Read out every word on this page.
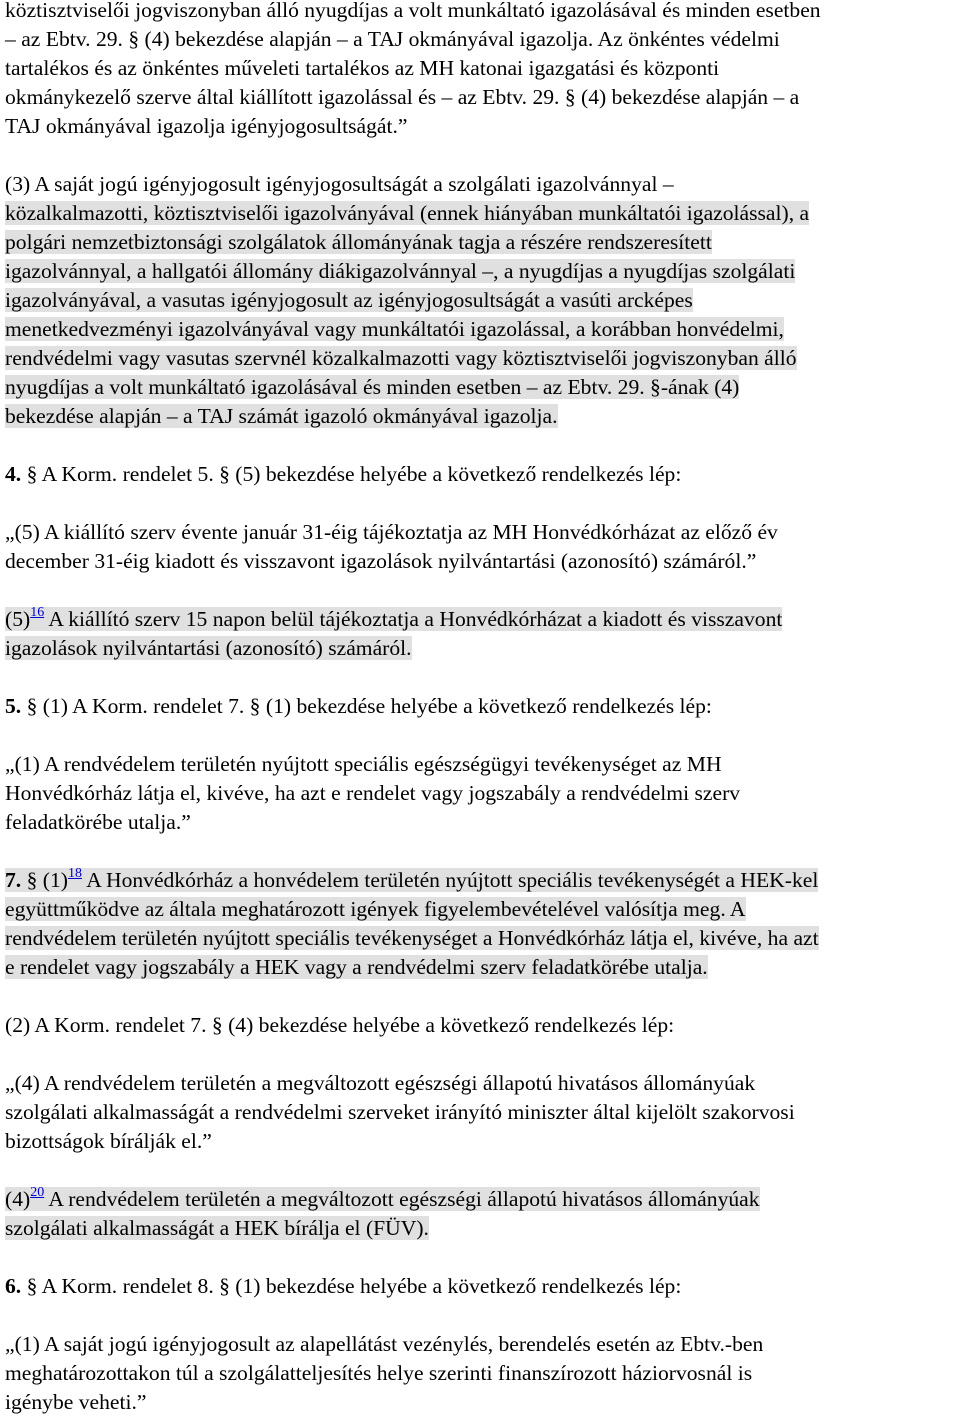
köztisztviselői jogviszonyban álló nyugdíjas a volt munkáltató igazolásával és minden esetben
– az Ebtv. 29. § (4) bekezdése alapján – a TAJ okmányával igazolja. Az önkéntes védelmi
tartalékos és az önkéntes műveleti tartalékos az MH katonai igazgatási és központi
okmánykezelő szerve által kiállított igazolással és – az Ebtv. 29. § (4) bekezdése alapján – a
TAJ okmányával igazolja igényjogosultságát.”
(3) A saját jogú igényjogosult igényjogosultságát a szolgálati igazolvánnyal –
közalkalmazotti, köztisztviselői igazolványával (ennek hiányában munkáltatói igazolással), a
polgári nemzetbiztonsági szolgálatok állományának tagja a részére rendszeresített
igazolvánnyal, a hallgatói állomány diákigazolvánnyal –, a nyugdíjas a nyugdíjas szolgálati
igazolványával, a vasutas igényjogosult az igényjogosultságát a vasúti arcképes
menetkedvezményi igazolványával vagy munkáltatói igazolással, a korábban honvédelmi,
rendvédelmi vagy vasutas szervnél közalkalmazotti vagy köztisztviselői jogviszonyban álló
nyugdíjas a volt munkáltató igazolásával és minden esetben – az Ebtv. 29. §-ának (4)
bekezdése alapján – a TAJ számát igazoló okmányával igazolja.
4. § A Korm. rendelet 5. § (5) bekezdése helyébe a következő rendelkezés lép:
„(5) A kiállító szerv évente január 31-éig tájékoztatja az MH Honvédkórházat az előző év
december 31-éig kiadott és visszavont igazolások nyilvántartási (azonosító) számáról.”
(5)$^{16}$ A kiállító szerv 15 napon belül tájékoztatja a Honvédkórházat a kiadott és visszavont
igazolások nyilvántartási (azonosító) számáról.
5. § (1) A Korm. rendelet 7. § (1) bekezdése helyébe a következő rendelkezés lép:
„(1) A rendvédelem területén nyújtott speciális egészségügyi tevékenységet az MH
Honvédkórház látja el, kivéve, ha azt e rendelet vagy jogszabály a rendvédelmi szerv
feladatkörébe utalja.”
7. § (1)$^{18}$ A Honvédkórház a honvédelem területén nyújtott speciális tevékenységét a HEK-kel
együttműködve az általa meghatározott igények figyelembevételével valósítja meg. A
rendvédelem területén nyújtott speciális tevékenységet a Honvédkórház látja el, kivéve, ha azt
e rendelet vagy jogszabály a HEK vagy a rendvédelmi szerv feladatkörébe utalja.
(2) A Korm. rendelet 7. § (4) bekezdése helyébe a következő rendelkezés lép:
„(4) A rendvédelem területén a megváltozott egészségi állapotú hivatásos állományúak
szolgálati alkalmasságát a rendvédelmi szerveket irányító miniszter által kijelölt szakorvosi
bizottságok bírálják el.”
(4)$^{20}$ A rendvédelem területén a megváltozott egészségi állapotú hivatásos állományúak
szolgálati alkalmasságát a HEK bírálja el (FÜV).
6. § A Korm. rendelet 8. § (1) bekezdése helyébe a következő rendelkezés lép:
„(1) A saját jogú igényjogosult az alapellátást vezénylés, berendelés esetén az Ebtv.-ben
meghatározottakon túl a szolgálatteljesítés helye szerinti finanszírozott háziorvosnál is
igénybe veheti.”
